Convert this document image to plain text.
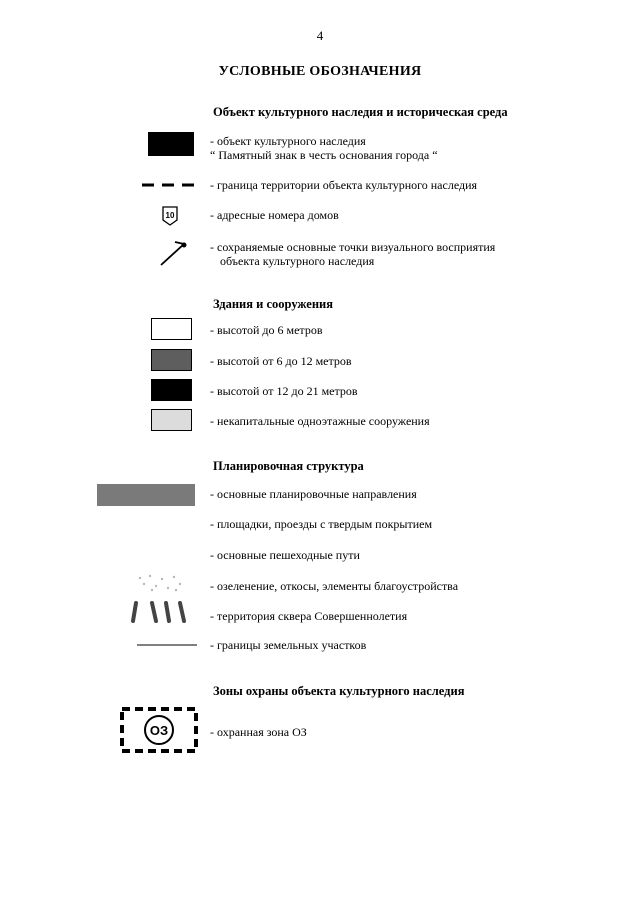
4
УСЛОВНЫЕ ОБОЗНАЧЕНИЯ
Объект культурного наследия и историческая среда
- объект культурного наследия
“ Памятный знак в честь основания города “
- граница территории объекта культурного наследия
10	- адресные номера домов
- сохраняемые основные точки визуального восприятия
объекта культурного наследия
Здания и сооружения
- высотой до 6 метров
- высотой от 6 до 12 метров
- высотой от 12 до 21 метров
- некапитальные одноэтажные сооружения
Планировочная структура
- основные планировочные направления
- площадки, проезды с твердым покрытием
- основные пешеходные пути
- озеленение, откосы, элементы благоустройства
- территория сквера Совершеннолетия
- границы земельных участков
Зоны охраны объекта культурного наследия
ОЗ	- охранная зона ОЗ
